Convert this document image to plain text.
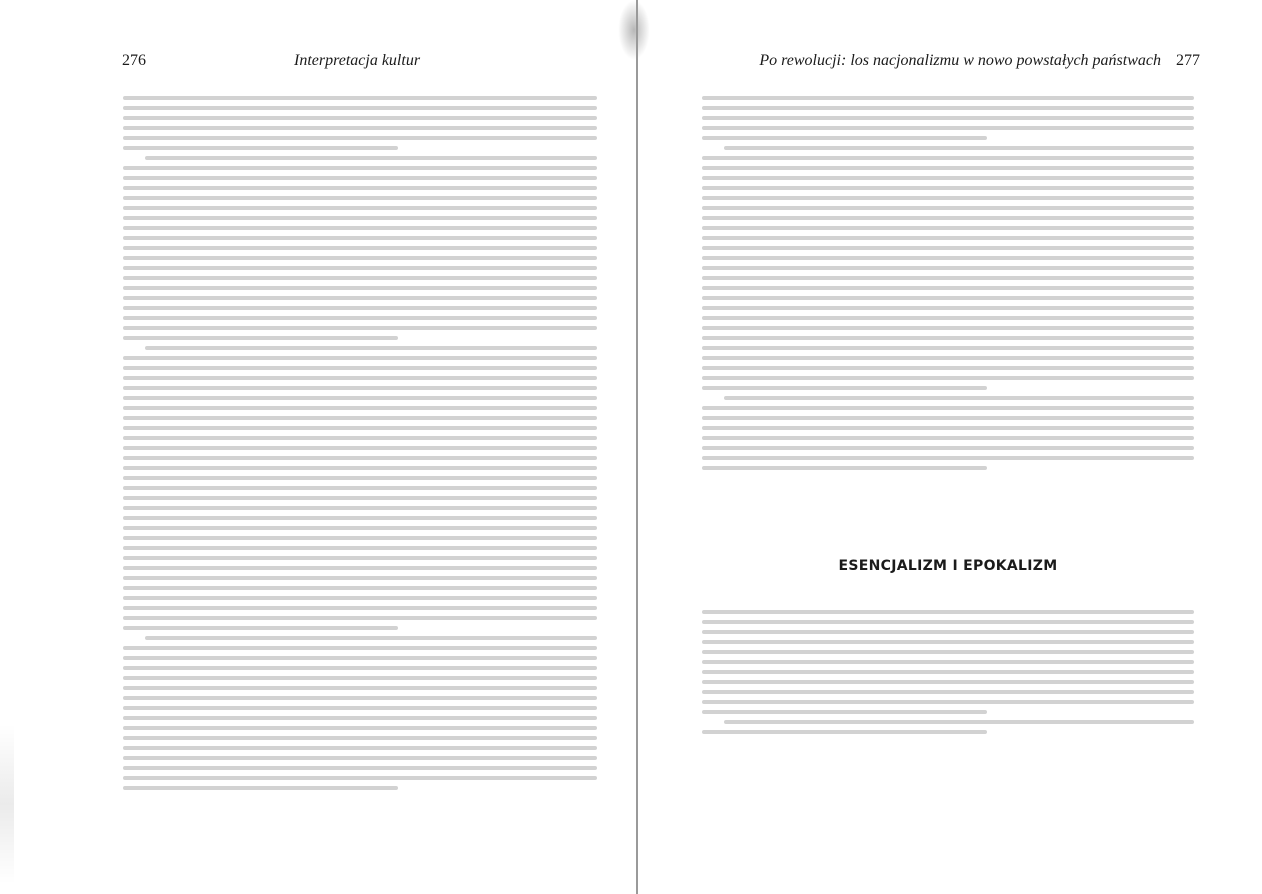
276	Interpretacja kultur	Po rewolucji: los nacjonalizmu w nowo powstałych państwach 277
ESENCJALIZM I EPOKALIZM
